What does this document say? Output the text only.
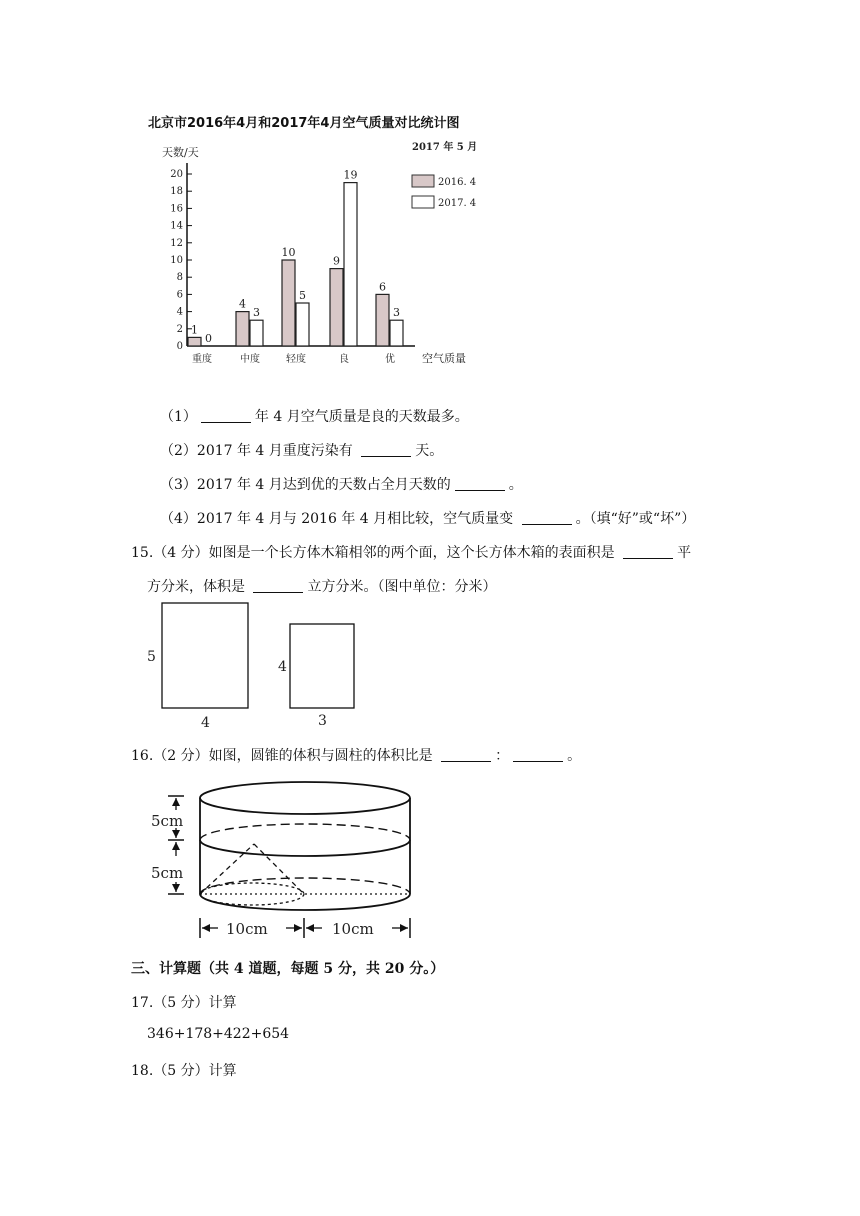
北京市2016年4月和2017年4月空气质量对比统计图
2017 年 5 月
天数/天
空气质量
2016. 4
2017. 4
0
2
4
6
8
10
12
14
16
18
20
1
0
重度
4
3
中度
10
5
轻度
9
19
良
6
3
优
（1）	年 4 月空气质量是良的天数最多。
（2）2017 年 4 月重度污染有	天。
（3）2017 年 4 月达到优的天数占全月天数的	。
（4）2017 年 4 月与 2016 年 4 月相比较，空气质量变	。（填“好”或“坏”）
15.（4 分）如图是一个长方体木箱相邻的两个面，这个长方体木箱的表面积是	平
方分米，体积是	立方分米。（图中单位：分米）
5
4
4
3
16.（2 分）如图，圆锥的体积与圆柱的体积比是	：	。
5cm
5cm
10cm	10cm
三、计算题（共 4 道题，每题 5 分，共 20 分。）
17.（5 分）计算
346+178+422+654
18.（5 分）计算
